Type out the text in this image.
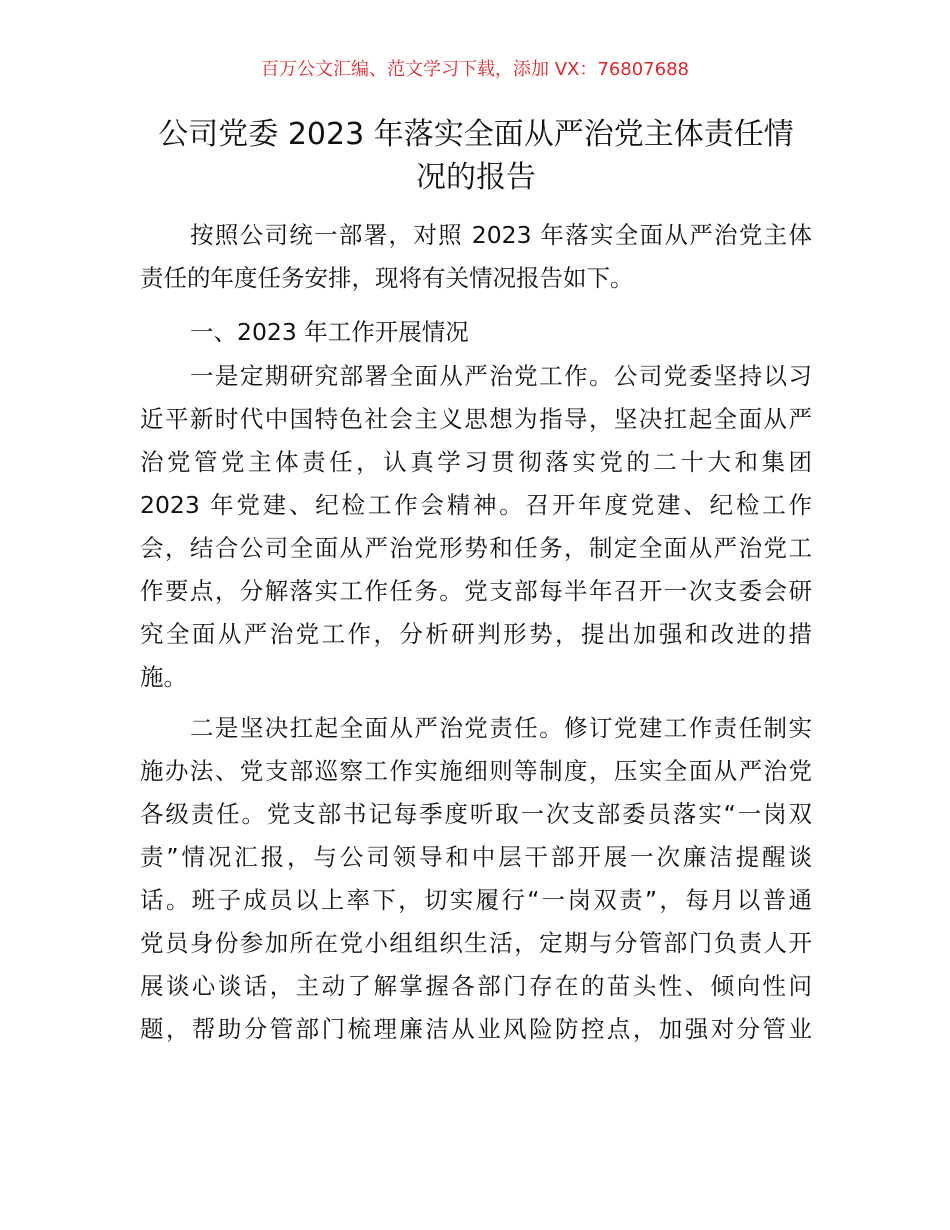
百万公文汇编、范文学习下载，添加 VX：76807688
公司党委 2023 年落实全面从严治党主体责任情
况的报告
按照公司统一部署，对照 2023 年落实全面从严治党主体
责任的年度任务安排，现将有关情况报告如下。
一、2023 年工作开展情况
一是定期研究部署全面从严治党工作。公司党委坚持以习
近平新时代中国特色社会主义思想为指导，坚决扛起全面从严
治党管党主体责任，认真学习贯彻落实党的二十大和集团
2023 年党建、纪检工作会精神。召开年度党建、纪检工作
会，结合公司全面从严治党形势和任务，制定全面从严治党工
作要点，分解落实工作任务。党支部每半年召开一次支委会研
究全面从严治党工作，分析研判形势，提出加强和改进的措
施。
二是坚决扛起全面从严治党责任。修订党建工作责任制实
施办法、党支部巡察工作实施细则等制度，压实全面从严治党
各级责任。党支部书记每季度听取一次支部委员落实“一岗双
责”情况汇报，与公司领导和中层干部开展一次廉洁提醒谈
话。班子成员以上率下，切实履行“一岗双责”，每月以普通
党员身份参加所在党小组组织生活，定期与分管部门负责人开
展谈心谈话，主动了解掌握各部门存在的苗头性、倾向性问
题，帮助分管部门梳理廉洁从业风险防控点，加强对分管业
